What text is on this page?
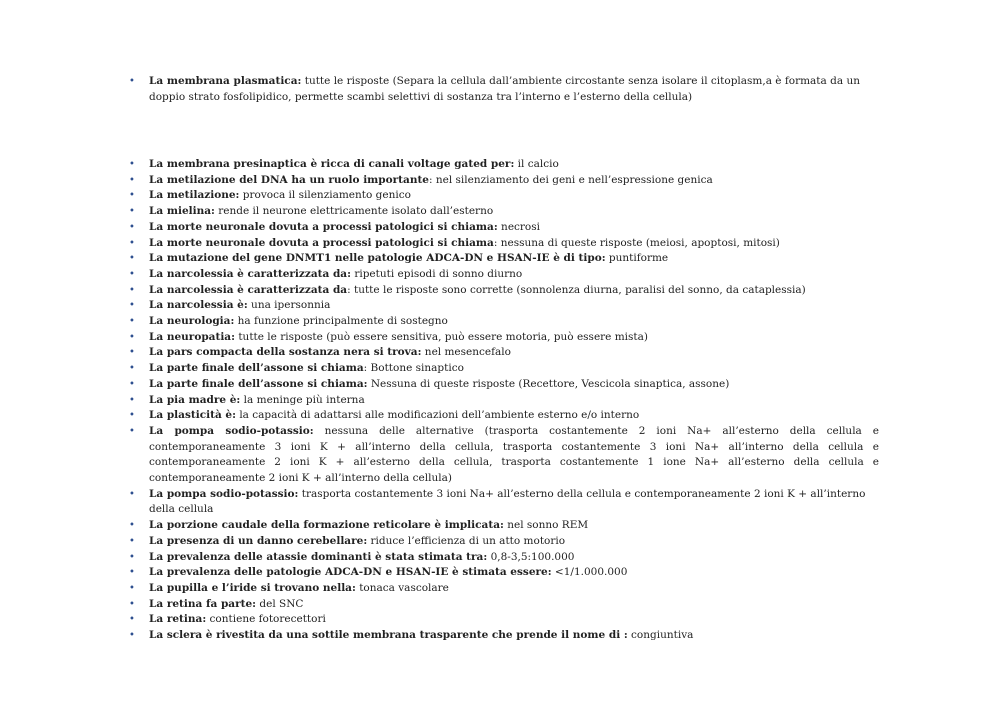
•	La membrana plasmatica: tutte le risposte (Separa la cellula dall’ambiente circostante senza isolare il citoplasm,a è formata da un doppio strato fosfolipidico, permette scambi selettivi di sostanza tra l’interno e l’esterno della cellula)
•	La membrana presinaptica è ricca di canali voltage gated per: il calcio
•	La metilazione del DNA ha un ruolo importante: nel silenziamento dei geni e nell’espressione genica
•	La metilazione: provoca il silenziamento genico
•	La mielina: rende il neurone elettricamente isolato dall’esterno
•	La morte neuronale dovuta a processi patologici si chiama: necrosi
•	La morte neuronale dovuta a processi patologici si chiama: nessuna di queste risposte (meiosi, apoptosi, mitosi)
•	La mutazione del gene DNMT1 nelle patologie ADCA-DN e HSAN-IE è di tipo: puntiforme
•	La narcolessia è caratterizzata da: ripetuti episodi di sonno diurno
•	La narcolessia è caratterizzata da: tutte le risposte sono corrette (sonnolenza diurna, paralisi del sonno, da cataplessia)
•	La narcolessia è: una ipersonnia
•	La neurologia: ha funzione principalmente di sostegno
•	La neuropatia: tutte le risposte (può essere sensitiva, può essere motoria, può essere mista)
•	La pars compacta della sostanza nera si trova: nel mesencefalo
•	La parte finale dell’assone si chiama: Bottone sinaptico
•	La parte finale dell’assone si chiama: Nessuna di queste risposte (Recettore, Vescicola sinaptica, assone)
•	La pia madre è: la meninge più interna
•	La plasticità è: la capacità di adattarsi alle modificazioni dell’ambiente esterno e/o interno
•	La pompa sodio-potassio: nessuna delle alternative (trasporta costantemente 2 ioni Na+ all’esterno della cellula e contemporaneamente 3 ioni K + all’interno della cellula, trasporta costantemente 3 ioni Na+ all’interno della cellula e contemporaneamente 2 ioni K + all’esterno della cellula, trasporta costantemente 1 ione Na+ all’esterno della cellula e contemporaneamente 2 ioni K + all’interno della cellula)
•	La pompa sodio-potassio: trasporta costantemente 3 ioni Na+ all’esterno della cellula e contemporaneamente 2 ioni K + all’interno della cellula
•	La porzione caudale della formazione reticolare è implicata: nel sonno REM
•	La presenza di un danno cerebellare: riduce l’efficienza di un atto motorio
•	La prevalenza delle atassie dominanti è stata stimata tra: 0,8-3,5:100.000
•	La prevalenza delle patologie ADCA-DN e HSAN-IE è stimata essere: <1/1.000.000
•	La pupilla e l’iride si trovano nella: tonaca vascolare
•	La retina fa parte: del SNC
•	La retina: contiene fotorecettori
•	La sclera è rivestita da una sottile membrana trasparente che prende il nome di : congiuntiva
